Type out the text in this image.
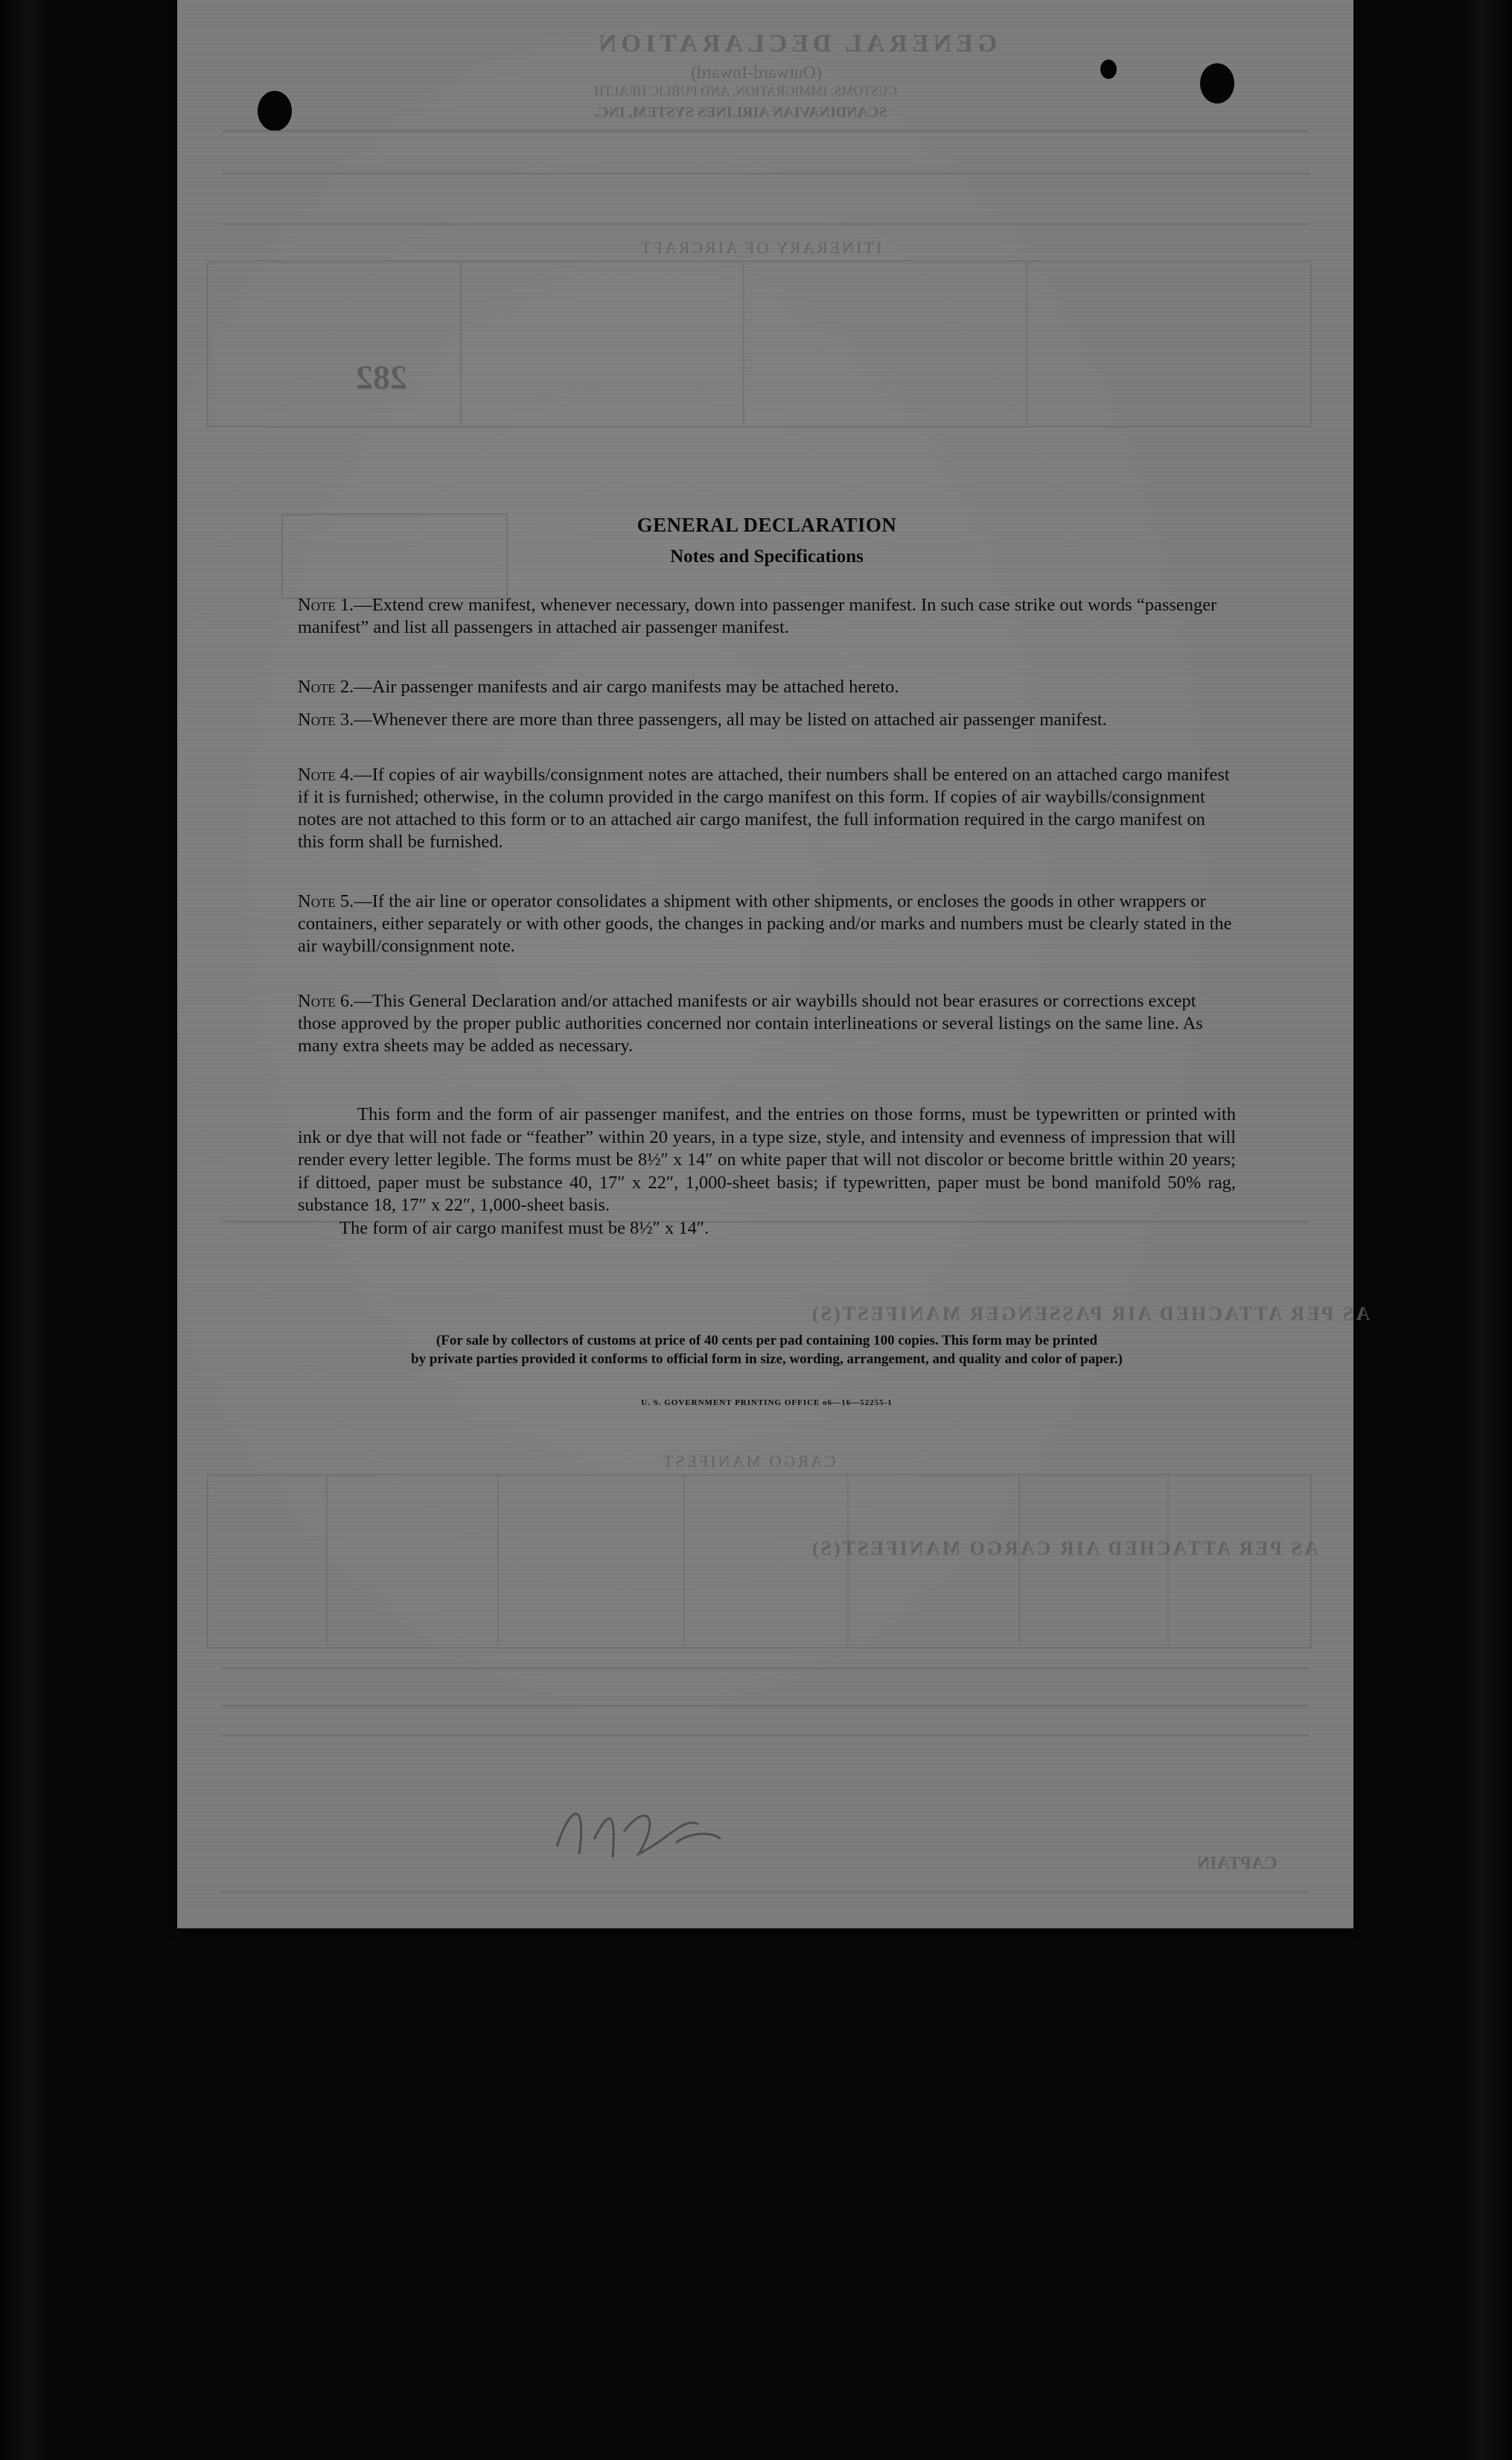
GENERAL DECLARATION
(Outward-Inward)
CUSTOMS, IMMIGRATION, AND PUBLIC HEALTH
SCANDINAVIAN AIRLINES SYSTEM, INC.
ITINERARY OF AIRCRAFT
282
AS PER ATTACHED AIR PASSENGER MANIFEST(S)
CARGO MANIFEST
AS PER ATTACHED AIR CARGO MANIFEST(S)
CAPTAIN
GENERAL DECLARATION
Notes and Specifications
Note 1.—Extend crew manifest, whenever necessary, down into passenger manifest. In such case strike out words “passenger manifest” and list all passengers in attached air passenger manifest.
Note 2.—Air passenger manifests and air cargo manifests may be attached hereto.
Note 3.—Whenever there are more than three passengers, all may be listed on attached air passenger manifest.
Note 4.—If copies of air waybills/consignment notes are attached, their numbers shall be entered on an attached cargo manifest if it is furnished; otherwise, in the column provided in the cargo manifest on this form. If copies of air waybills/consignment notes are not attached to this form or to an attached air cargo manifest, the full information required in the cargo manifest on this form shall be furnished.
Note 5.—If the air line or operator consolidates a shipment with other shipments, or encloses the goods in other wrappers or containers, either separately or with other goods, the changes in packing and/or marks and numbers must be clearly stated in the air waybill/consignment note.
Note 6.—This General Declaration and/or attached manifests or air waybills should not bear erasures or corrections except those approved by the proper public authorities concerned nor contain interlineations or several listings on the same line. As many extra sheets may be added as necessary.

This form and the form of air passenger manifest, and the entries on those forms, must be typewritten or printed with ink or dye that will not fade or “feather” within 20 years, in a type size, style, and intensity and evenness of impression that will render every letter legible. The forms must be 8½″ x 14″ on white paper that will not discolor or become brittle within 20 years; if dittoed, paper must be substance 40, 17″ x 22″, 1,000-sheet basis; if typewritten, paper must be bond manifold 50% rag, substance 18, 17″ x 22″, 1,000-sheet basis.

The form of air cargo manifest must be 8½″ x 14″.

(For sale by collectors of customs at price of 40 cents per pad containing 100 copies. This form may be printed
by private parties provided it conforms to official form in size, wording, arrangement, and quality and color of paper.)
U. S. GOVERNMENT PRINTING OFFICE o6—16—52255-1
